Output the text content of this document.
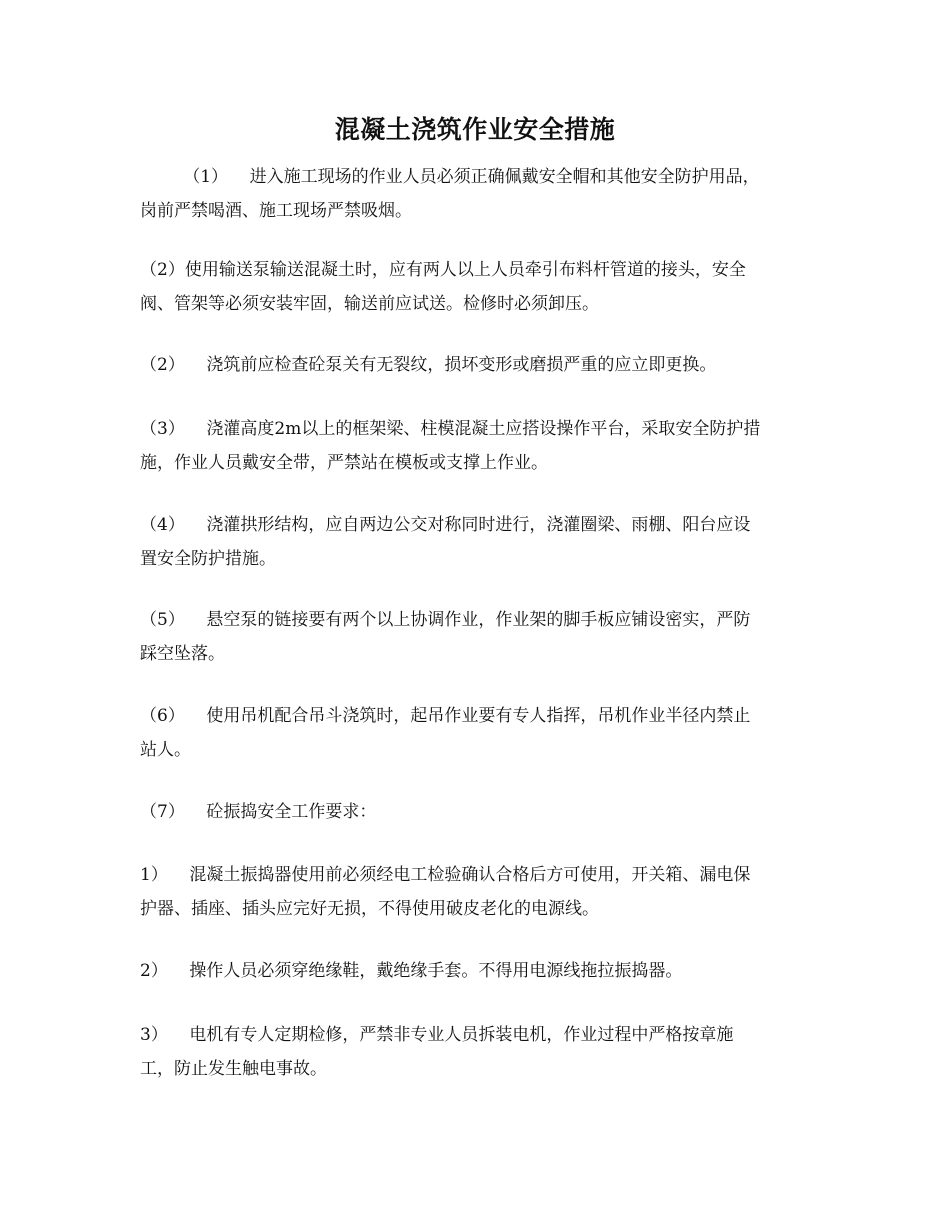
混凝土浇筑作业安全措施

（1）    进入施工现场的作业人员必须正确佩戴安全帽和其他安全防护用品，
岗前严禁喝酒、施工现场严禁吸烟。

（2）使用输送泵输送混凝土时，应有两人以上人员牵引布料杆管道的接头，安全
阀、管架等必须安装牢固，输送前应试送。检修时必须卸压。

（2）    浇筑前应检查砼泵关有无裂纹，损坏变形或磨损严重的应立即更换。

（3）    浇灌高度2m以上的框架梁、柱模混凝土应搭设操作平台，采取安全防护措
施，作业人员戴安全带，严禁站在模板或支撑上作业。

（4）    浇灌拱形结构，应自两边公交对称同时进行，浇灌圈梁、雨棚、阳台应设
置安全防护措施。

（5）    悬空泵的链接要有两个以上协调作业，作业架的脚手板应铺设密实，严防
踩空坠落。

（6）    使用吊机配合吊斗浇筑时，起吊作业要有专人指挥，吊机作业半径内禁止
站人。

（7）    砼振捣安全工作要求：

1）    混凝土振捣器使用前必须经电工检验确认合格后方可使用，开关箱、漏电保
护器、插座、插头应完好无损，不得使用破皮老化的电源线。

2）    操作人员必须穿绝缘鞋，戴绝缘手套。不得用电源线拖拉振捣器。

3）    电机有专人定期检修，严禁非专业人员拆装电机，作业过程中严格按章施
工，防止发生触电事故。
